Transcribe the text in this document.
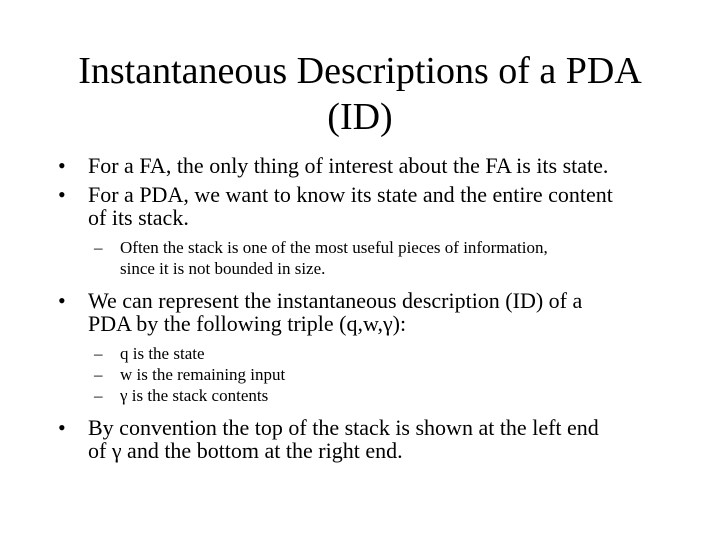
Instantaneous Descriptions of a PDA
(ID)
•	For a FA, the only thing of interest about the FA is its state.
•	For a PDA, we want to know its state and the entire content
of its stack.
–	Often the stack is one of the most useful pieces of information,
since it is not bounded in size.
•	We can represent the instantaneous description (ID) of a
PDA by the following triple (q,w,γ):
–	q is the state
–	w is the remaining input
–	γ is the stack contents
•	By convention the top of the stack is shown at the left end
of γ and the bottom at the right end.
